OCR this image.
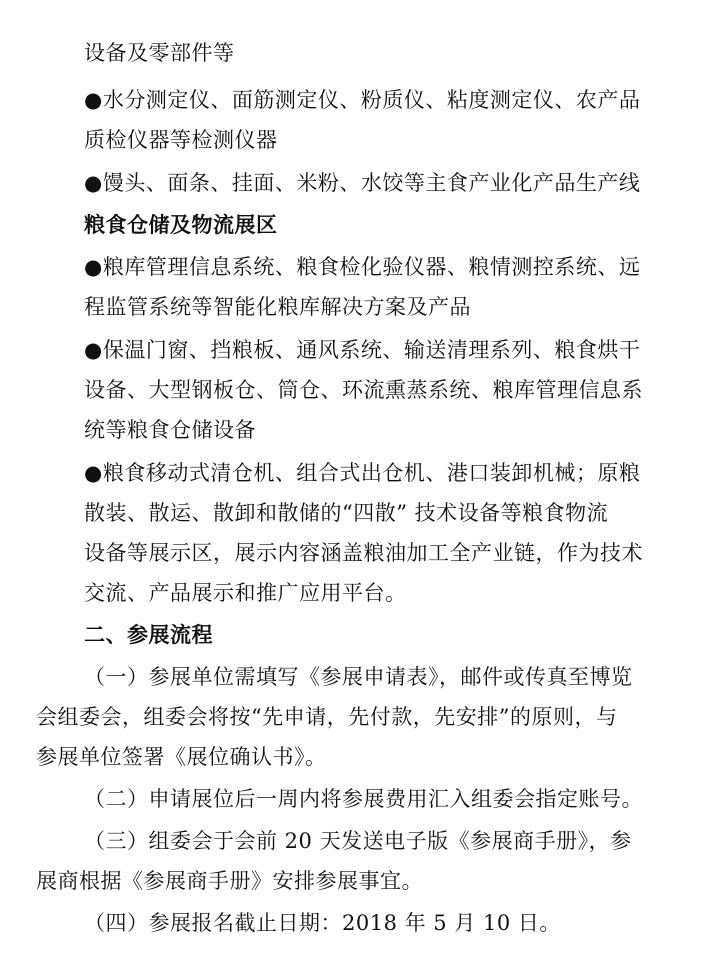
设备及零部件等
●水分测定仪、面筋测定仪、粉质仪、粘度测定仪、农产品
质检仪器等检测仪器
●馒头、面条、挂面、米粉、水饺等主食产业化产品生产线
粮食仓储及物流展区
●粮库管理信息系统、粮食检化验仪器、粮情测控系统、远
程监管系统等智能化粮库解决方案及产品
●保温门窗、挡粮板、通风系统、输送清理系列、粮食烘干
设备、大型钢板仓、筒仓、环流熏蒸系统、粮库管理信息系
统等粮食仓储设备
●粮食移动式清仓机、组合式出仓机、港口装卸机械；原粮
散装、散运、散卸和散储的“四散” 技术设备等粮食物流
设备等展示区，展示内容涵盖粮油加工全产业链，作为技术
交流、产品展示和推广应用平台。
二、参展流程
（一）参展单位需填写《参展申请表》，邮件或传真至博览
会组委会，组委会将按“先申请，先付款，先安排”的原则，与
参展单位签署《展位确认书》。
（二）申请展位后一周内将参展费用汇入组委会指定账号。
（三）组委会于会前 20 天发送电子版《参展商手册》，参
展商根据《参展商手册》安排参展事宜。
（四）参展报名截止日期：2018 年 5 月 10 日。
